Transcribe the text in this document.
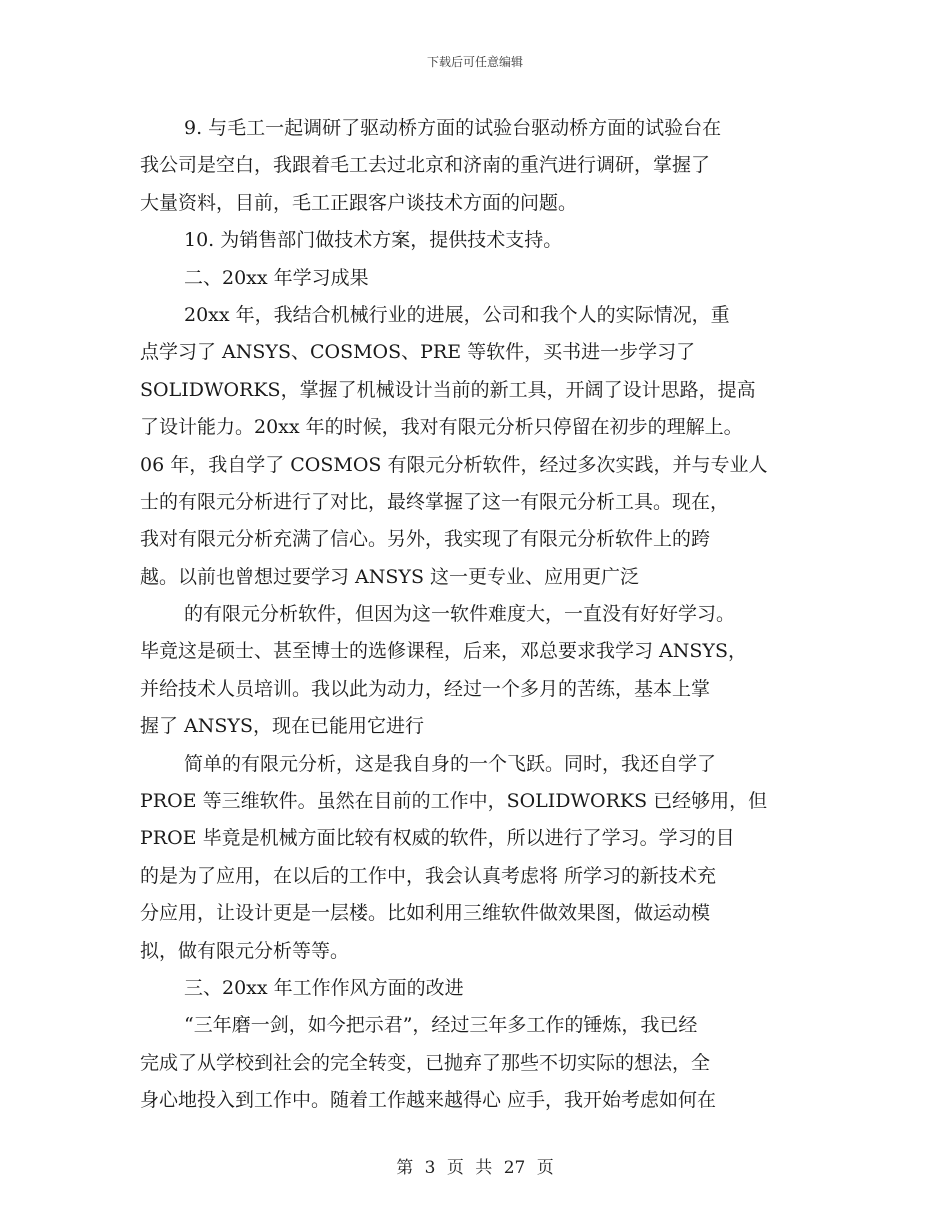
下载后可任意编辑
9. 与毛工一起调研了驱动桥方面的试验台驱动桥方面的试验台在
我公司是空白，我跟着毛工去过北京和济南的重汽进行调研，掌握了
大量资料，目前，毛工正跟客户谈技术方面的问题。
10. 为销售部门做技术方案，提供技术支持。
二、20xx 年学习成果
20xx 年，我结合机械行业的进展，公司和我个人的实际情况，重
点学习了 ANSYS、COSMOS、PRE 等软件，买书进一步学习了
SOLIDWORKS，掌握了机械设计当前的新工具，开阔了设计思路，提高
了设计能力。20xx 年的时候，我对有限元分析只停留在初步的理解上。
06 年，我自学了 COSMOS 有限元分析软件，经过多次实践，并与专业人
士的有限元分析进行了对比，最终掌握了这一有限元分析工具。现在，
我对有限元分析充满了信心。另外，我实现了有限元分析软件上的跨
越。以前也曾想过要学习 ANSYS 这一更专业、应用更广泛
的有限元分析软件，但因为这一软件难度大，一直没有好好学习。
毕竟这是硕士、甚至博士的选修课程，后来，邓总要求我学习 ANSYS，
并给技术人员培训。我以此为动力，经过一个多月的苦练，基本上掌
握了 ANSYS，现在已能用它进行
简单的有限元分析，这是我自身的一个飞跃。同时，我还自学了
PROE 等三维软件。虽然在目前的工作中，SOLIDWORKS 已经够用，但
PROE 毕竟是机械方面比较有权威的软件，所以进行了学习。学习的目
的是为了应用，在以后的工作中，我会认真考虑将 所学习的新技术充
分应用，让设计更是一层楼。比如利用三维软件做效果图，做运动模
拟，做有限元分析等等。
三、20xx 年工作作风方面的改进
“三年磨一剑，如今把示君”，经过三年多工作的锤炼，我已经
完成了从学校到社会的完全转变，已抛弃了那些不切实际的想法，全
身心地投入到工作中。随着工作越来越得心 应手，我开始考虑如何在
第 3 页 共 27 页
